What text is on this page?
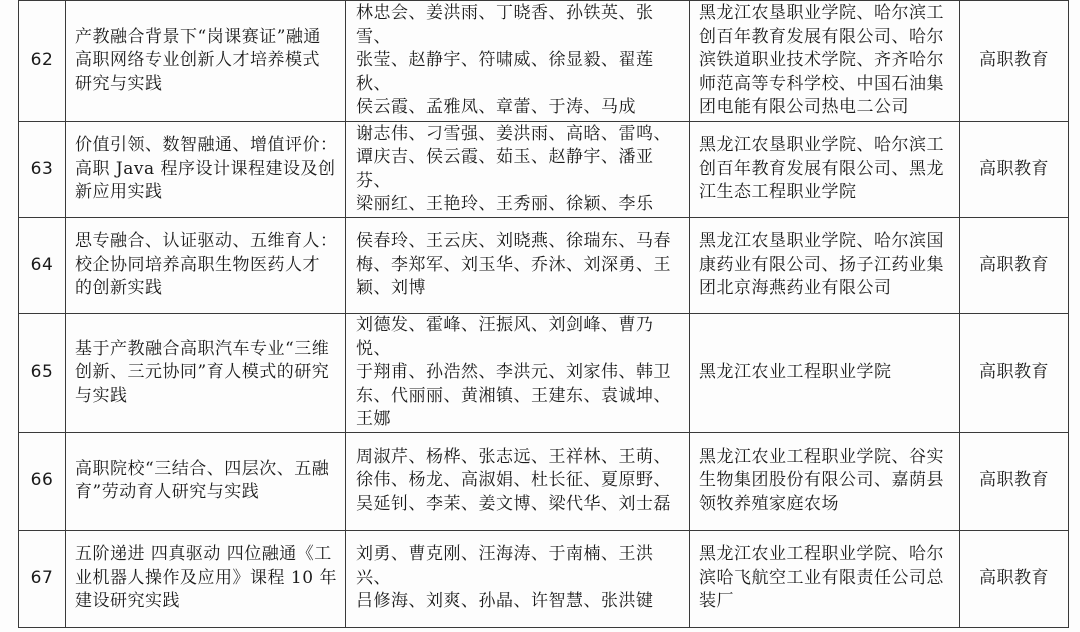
62	产教融合背景下“岗课赛证”融通
高职网络专业创新人才培养模式
研究与实践	林忠会、姜洪雨、丁晓香、孙铁英、张雪、
张莹、赵静宇、符啸威、徐显毅、翟莲秋、
侯云霞、孟雅凤、章蕾、于涛、马成	黑龙江农垦职业学院、哈尔滨工
创百年教育发展有限公司、哈尔
滨铁道职业技术学院、齐齐哈尔
师范高等专科学校、中国石油集
团电能有限公司热电二公司	高职教育
63	价值引领、数智融通、增值评价：
高职 Java 程序设计课程建设及创
新应用实践	谢志伟、刁雪强、姜洪雨、高晗、雷鸣、
谭庆吉、侯云霞、茹玉、赵静宇、潘亚芬、
梁丽红、王艳玲、王秀丽、徐颖、李乐	黑龙江农垦职业学院、哈尔滨工
创百年教育发展有限公司、黑龙
江生态工程职业学院	高职教育
64	思专融合、认证驱动、五维育人：
校企协同培养高职生物医药人才
的创新实践	侯春玲、王云庆、刘晓燕、徐瑞东、马春
梅、李郑军、刘玉华、乔沐、刘深勇、王
颖、刘博	黑龙江农垦职业学院、哈尔滨国
康药业有限公司、扬子江药业集
团北京海燕药业有限公司	高职教育
65	基于产教融合高职汽车专业“三维
创新、三元协同”育人模式的研究
与实践	刘德发、霍峰、汪振风、刘剑峰、曹乃悦、
于翔甫、孙浩然、李洪元、刘家伟、韩卫
东、代丽丽、黄湘镇、王建东、袁诚坤、
王娜	黑龙江农业工程职业学院	高职教育
66	高职院校“三结合、四层次、五融
育”劳动育人研究与实践	周淑芹、杨桦、张志远、王祥林、王萌、
徐伟、杨龙、高淑娟、杜长征、夏原野、
吴延钊、李茉、姜文博、梁代华、刘士磊	黑龙江农业工程职业学院、谷实
生物集团股份有限公司、嘉荫县
领牧养殖家庭农场	高职教育
67	五阶递进 四真驱动 四位融通《工
业机器人操作及应用》课程 10 年
建设研究实践	刘勇、曹克刚、汪海涛、于南楠、王洪兴、
吕修海、刘爽、孙晶、许智慧、张洪键	黑龙江农业工程职业学院、哈尔
滨哈飞航空工业有限责任公司总
装厂	高职教育
